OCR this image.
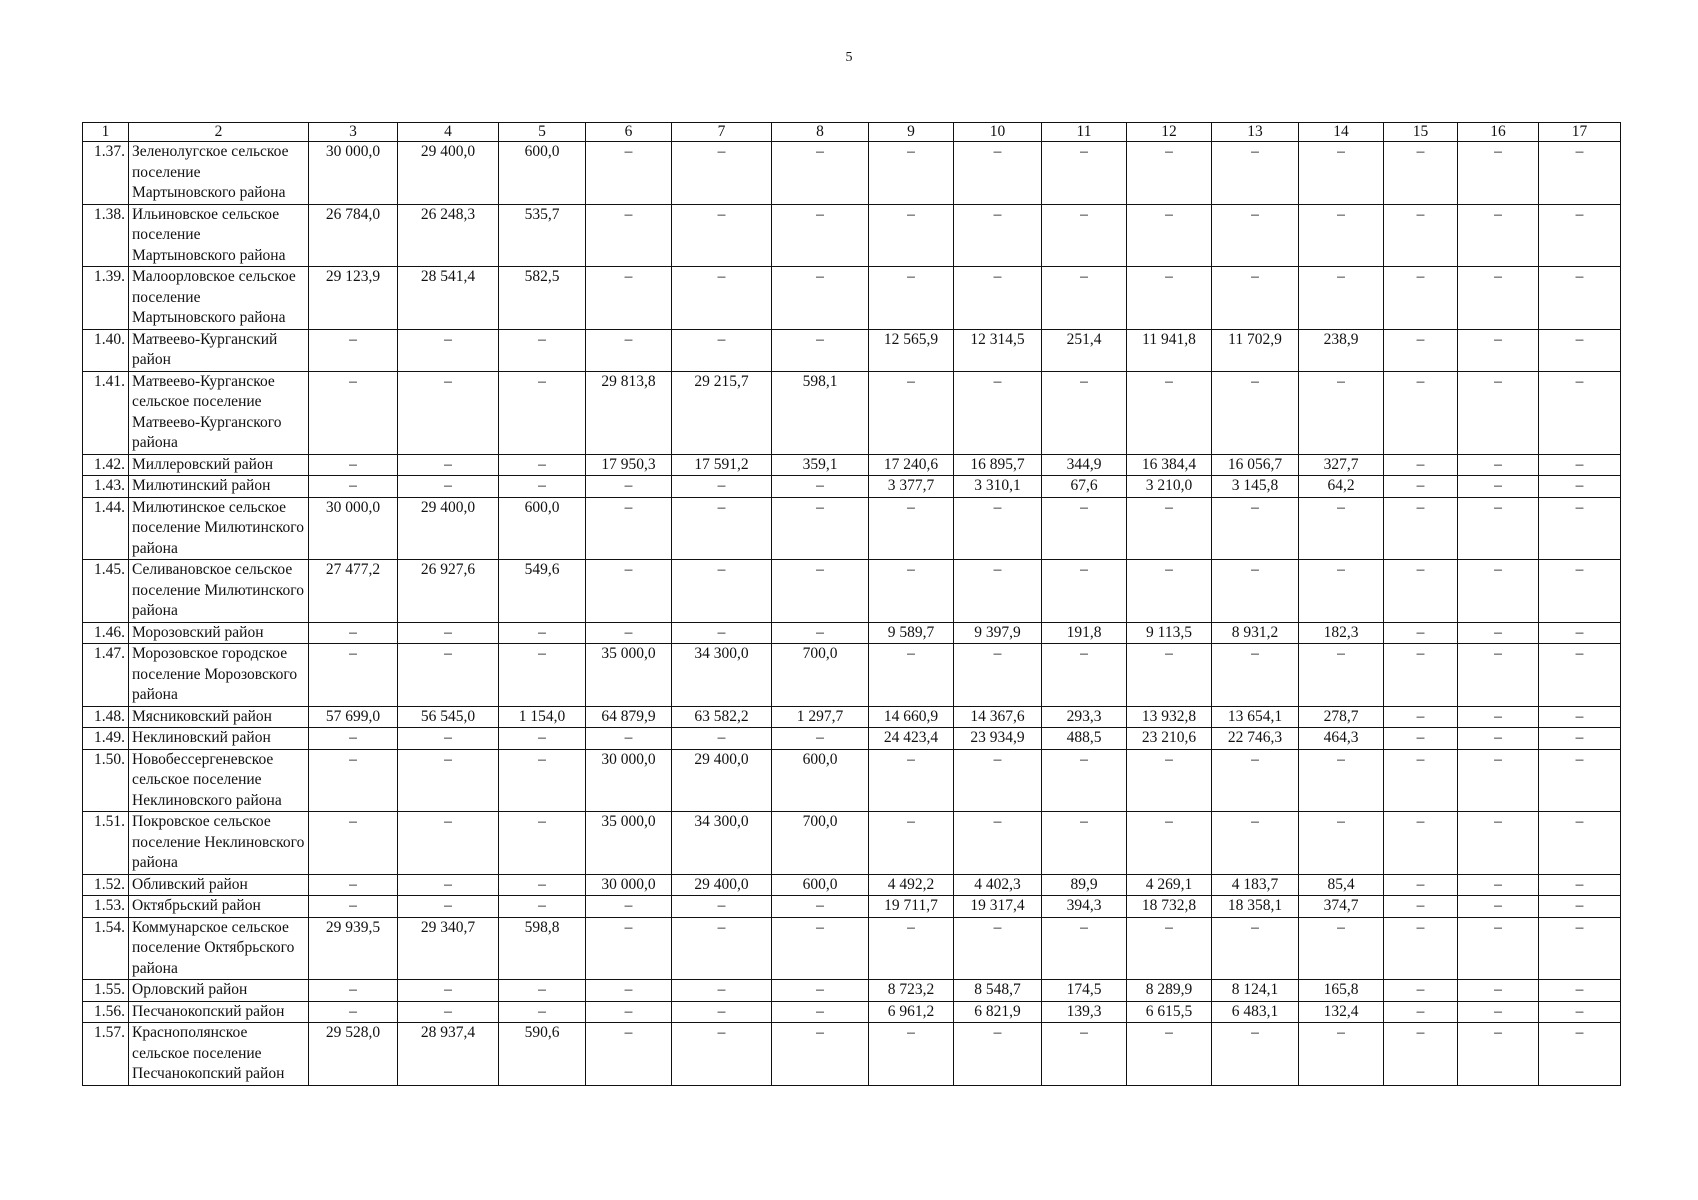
5
1	2	3	4	5	6	7	8	9	10	11	12	13	14	15	16	17
1.37.	Зеленолугское сельское поселение Мартыновского района	30 000,0	29 400,0	600,0	–	–	–	–	–	–	–	–	–	–	–	–
1.38.	Ильиновское сельское поселение Мартыновского района	26 784,0	26 248,3	535,7	–	–	–	–	–	–	–	–	–	–	–	–
1.39.	Малоорловское сельское поселение Мартыновского района	29 123,9	28 541,4	582,5	–	–	–	–	–	–	–	–	–	–	–	–
1.40.	Матвеево-Курганский район	–	–	–	–	–	–	12 565,9	12 314,5	251,4	11 941,8	11 702,9	238,9	–	–	–
1.41.	Матвеево-Курганское сельское поселение Матвеево-Курганского района	–	–	–	29 813,8	29 215,7	598,1	–	–	–	–	–	–	–	–	–
1.42.	Миллеровский район	–	–	–	17 950,3	17 591,2	359,1	17 240,6	16 895,7	344,9	16 384,4	16 056,7	327,7	–	–	–
1.43.	Милютинский район	–	–	–	–	–	–	3 377,7	3 310,1	67,6	3 210,0	3 145,8	64,2	–	–	–
1.44.	Милютинское сельское поселение Милютинского района	30 000,0	29 400,0	600,0	–	–	–	–	–	–	–	–	–	–	–	–
1.45.	Селивановское сельское поселение Милютинского района	27 477,2	26 927,6	549,6	–	–	–	–	–	–	–	–	–	–	–	–
1.46.	Морозовский район	–	–	–	–	–	–	9 589,7	9 397,9	191,8	9 113,5	8 931,2	182,3	–	–	–
1.47.	Морозовское городское поселение Морозовского района	–	–	–	35 000,0	34 300,0	700,0	–	–	–	–	–	–	–	–	–
1.48.	Мясниковский район	57 699,0	56 545,0	1 154,0	64 879,9	63 582,2	1 297,7	14 660,9	14 367,6	293,3	13 932,8	13 654,1	278,7	–	–	–
1.49.	Неклиновский район	–	–	–	–	–	–	24 423,4	23 934,9	488,5	23 210,6	22 746,3	464,3	–	–	–
1.50.	Новобессергеневское сельское поселение Неклиновского района	–	–	–	30 000,0	29 400,0	600,0	–	–	–	–	–	–	–	–	–
1.51.	Покровское сельское поселение Неклиновского района	–	–	–	35 000,0	34 300,0	700,0	–	–	–	–	–	–	–	–	–
1.52.	Обливский район	–	–	–	30 000,0	29 400,0	600,0	4 492,2	4 402,3	89,9	4 269,1	4 183,7	85,4	–	–	–
1.53.	Октябрьский район	–	–	–	–	–	–	19 711,7	19 317,4	394,3	18 732,8	18 358,1	374,7	–	–	–
1.54.	Коммунарское сельское поселение Октябрьского района	29 939,5	29 340,7	598,8	–	–	–	–	–	–	–	–	–	–	–	–
1.55.	Орловский район	–	–	–	–	–	–	8 723,2	8 548,7	174,5	8 289,9	8 124,1	165,8	–	–	–
1.56.	Песчанокопский район	–	–	–	–	–	–	6 961,2	6 821,9	139,3	6 615,5	6 483,1	132,4	–	–	–
1.57.	Краснополянское сельское поселение Песчанокопский район	29 528,0	28 937,4	590,6	–	–	–	–	–	–	–	–	–	–	–	–
